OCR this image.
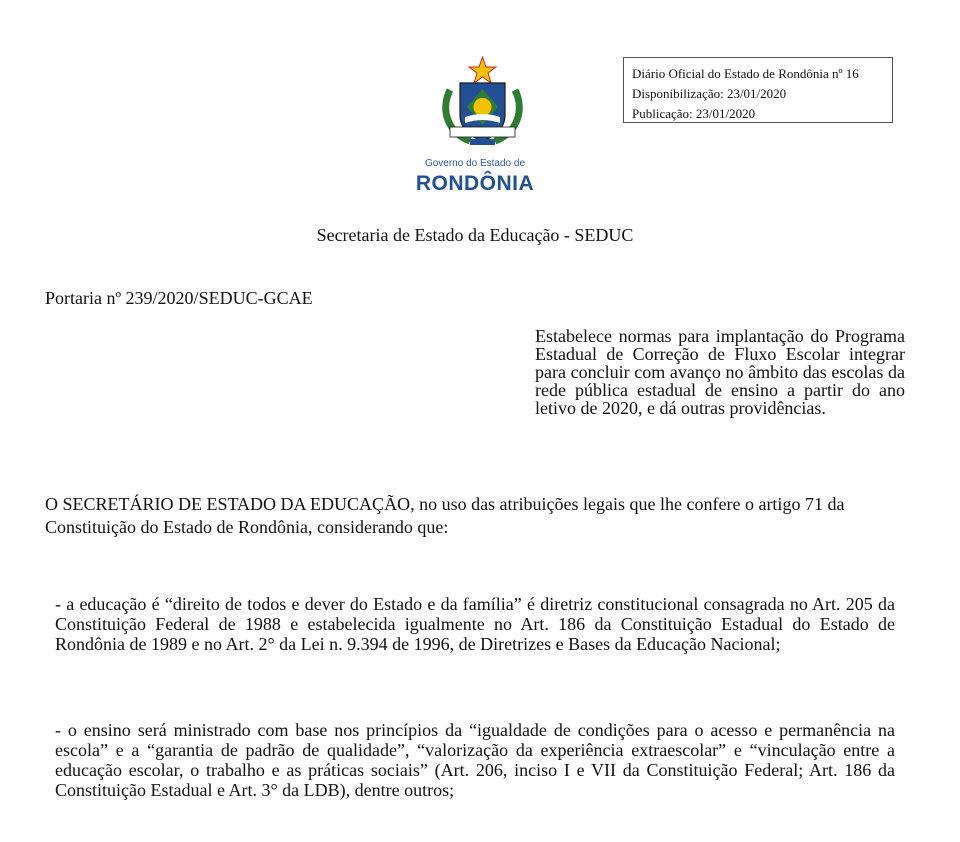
Diário Oficial do Estado de Rondônia nº 16
Disponibilização: 23/01/2020
Publicação: 23/01/2020
Governo do Estado de
RONDÔNIA
Secretaria de Estado da Educação - SEDUC
Portaria nº 239/2020/SEDUC-GCAE
Estabelece normas para implantação do Programa Estadual de Correção de Fluxo Escolar integrar para concluir com avanço no âmbito das escolas da rede pública estadual de ensino a partir do ano letivo de 2020, e dá outras providências.
O SECRETÁRIO DE ESTADO DA EDUCAÇÃO, no uso das atribuições legais que lhe confere o artigo 71 da Constituição do Estado de Rondônia, considerando que:
- a educação é “direito de todos e dever do Estado e da família” é diretriz constitucional consagrada no Art. 205 da Constituição Federal de 1988 e estabelecida igualmente no Art. 186 da Constituição Estadual do Estado de Rondônia de 1989 e no Art. 2° da Lei n. 9.394 de 1996, de Diretrizes e Bases da Educação Nacional;
- o ensino será ministrado com base nos princípios da “igualdade de condições para o acesso e permanência na escola” e a “garantia de padrão de qualidade”, “valorização da experiência extraescolar” e “vinculação entre a educação escolar, o trabalho e as práticas sociais” (Art. 206, inciso I e VII da Constituição Federal; Art. 186 da Constituição Estadual e Art. 3° da LDB), dentre outros;
